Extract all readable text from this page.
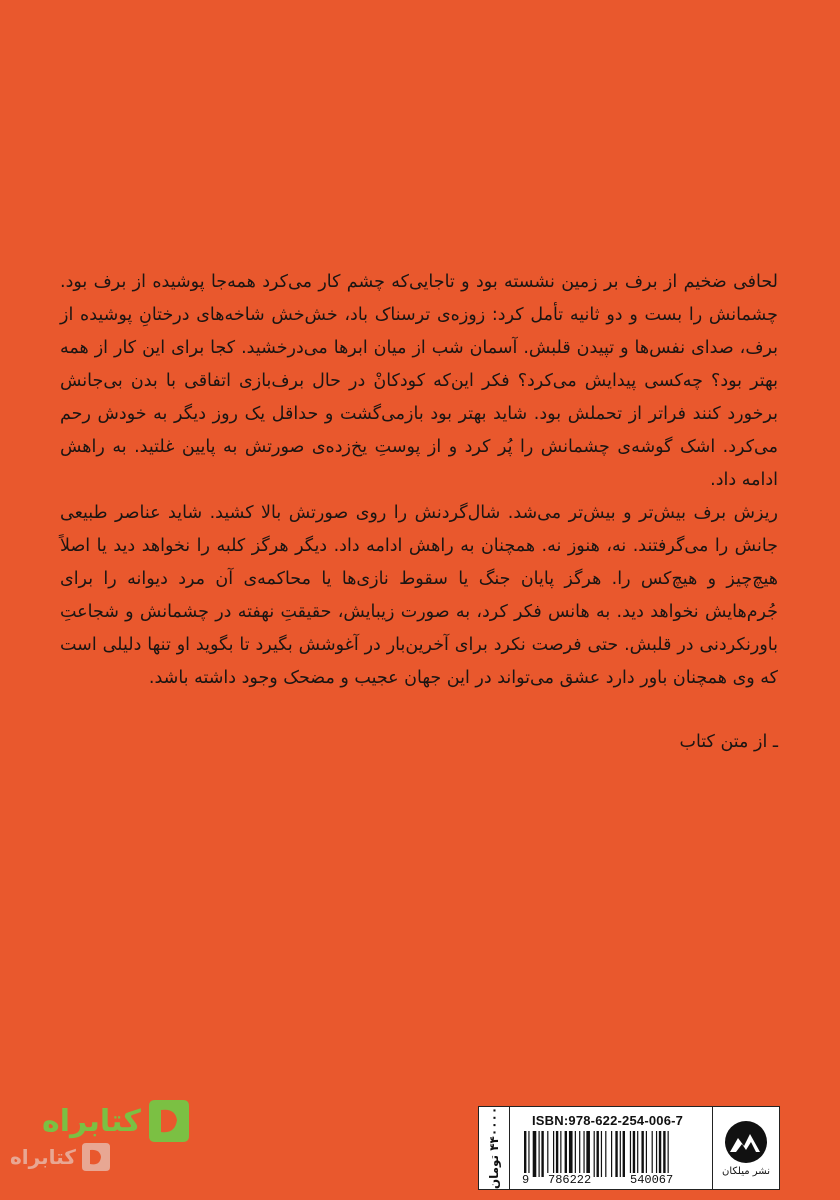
لحافی ضخیم از برف بر زمین نشسته بود و تاجایی‌که چشم کار می‌کرد همه‌جا پوشیده از برف بود. چشمانش را بست و دو ثانیه تأمل کرد: زوزه‌ی ترسناک باد، خش‌خش شاخه‌های درختانِ پوشیده از برف، صدای نفس‌ها و تپیدن قلبش. آسمان شب از میان ابرها می‌درخشید. کجا برای این کار از همه بهتر بود؟ چه‌کسی پیدایش می‌کرد؟ فکر این‌که کودکانْ در حال برف‌بازی اتفاقی با بدن بی‌جانش برخورد کنند فراتر از تحملش بود. شاید بهتر بود بازمی‌گشت و حداقل یک روز دیگر به خودش رحم می‌کرد. اشک گوشه‌ی چشمانش را پُر کرد و از پوستِ یخ‌زده‌ی صورتش به پایین غلتید. به راهش ادامه داد.

ریزش برف بیش‌تر و بیش‌تر می‌شد. شال‌گردنش را روی صورتش بالا کشید. شاید عناصر طبیعی جانش را می‌گرفتند. نه، هنوز نه. همچنان به راهش ادامه داد. دیگر هرگز کلبه را نخواهد دید یا اصلاً هیچ‌چیز و هیچ‌کس را. هرگز پایان جنگ یا سقوط نازی‌ها یا محاکمه‌ی آن مرد دیوانه را برای جُرم‌هایش نخواهد دید. به هانس فکر کرد، به صورت زیبایش، حقیقتِ نهفته در چشمانش و شجاعتِ باورنکردنی در قلبش. حتی فرصت نکرد برای آخرین‌بار در آغوشش بگیرد تا بگوید او تنها دلیلی است که وی همچنان باور دارد عشق می‌تواند در این جهان عجیب و مضحک وجود داشته باشد.

ـ از متن کتاب
نشر میلکان
ISBN:978-622-254-006-7
9 786222	540067
۴۴۰۰۰۰ تومان
کتابراه
کتابراه
